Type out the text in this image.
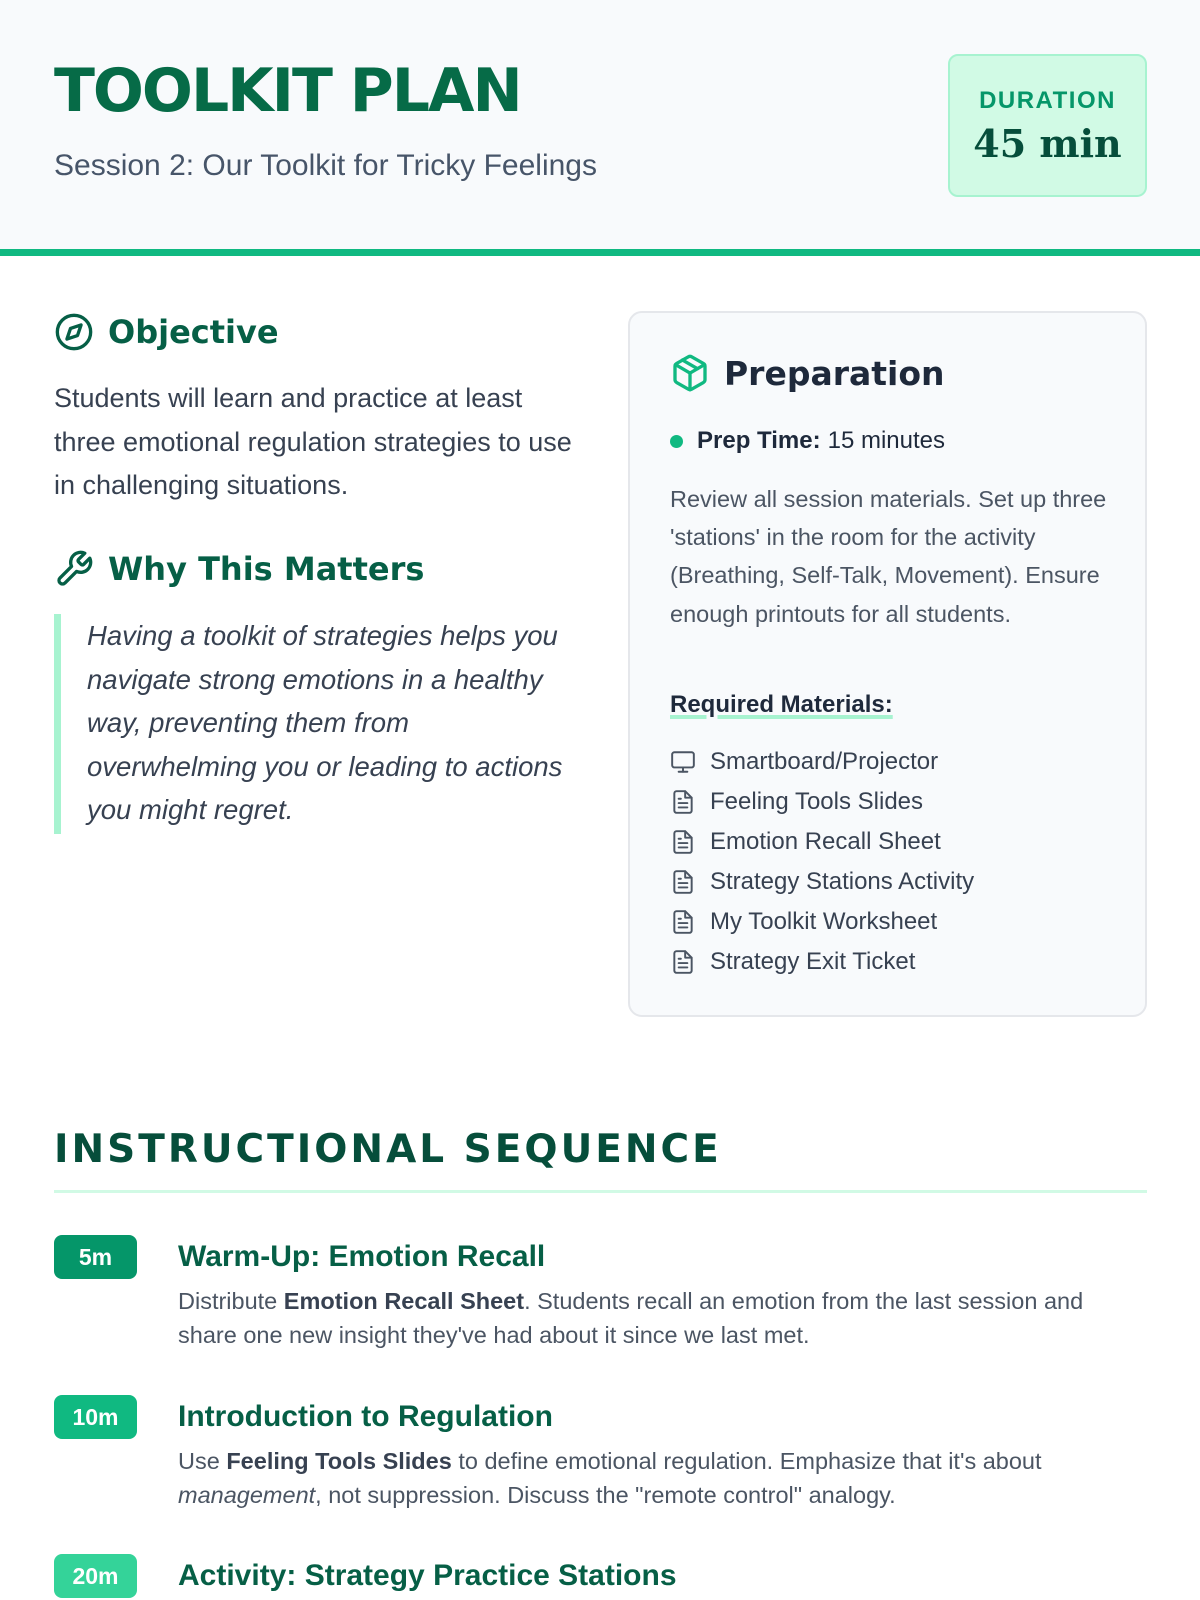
TOOLKIT PLAN
Session 2: Our Toolkit for Tricky Feelings
DURATION
45 min
Objective
Students will learn and practice at least three emotional regulation strategies to use in challenging situations.
Why This Matters
Having a toolkit of strategies helps you navigate strong emotions in a healthy way, preventing them from overwhelming you or leading to actions you might regret.
Preparation
Prep Time: 15 minutes
Review all session materials. Set up three 'stations' in the room for the activity (Breathing, Self-Talk, Movement). Ensure enough printouts for all students.
Required Materials:
Smartboard/Projector
Feeling Tools Slides
Emotion Recall Sheet
Strategy Stations Activity
My Toolkit Worksheet
Strategy Exit Ticket
INSTRUCTIONAL SEQUENCE
5m	Warm-Up: Emotion Recall
Distribute Emotion Recall Sheet. Students recall an emotion from the last session and share one new insight they've had about it since we last met.
10m	Introduction to Regulation
Use Feeling Tools Slides to define emotional regulation. Emphasize that it's about management, not suppression. Discuss the "remote control" analogy.
20m	Activity: Strategy Practice Stations
